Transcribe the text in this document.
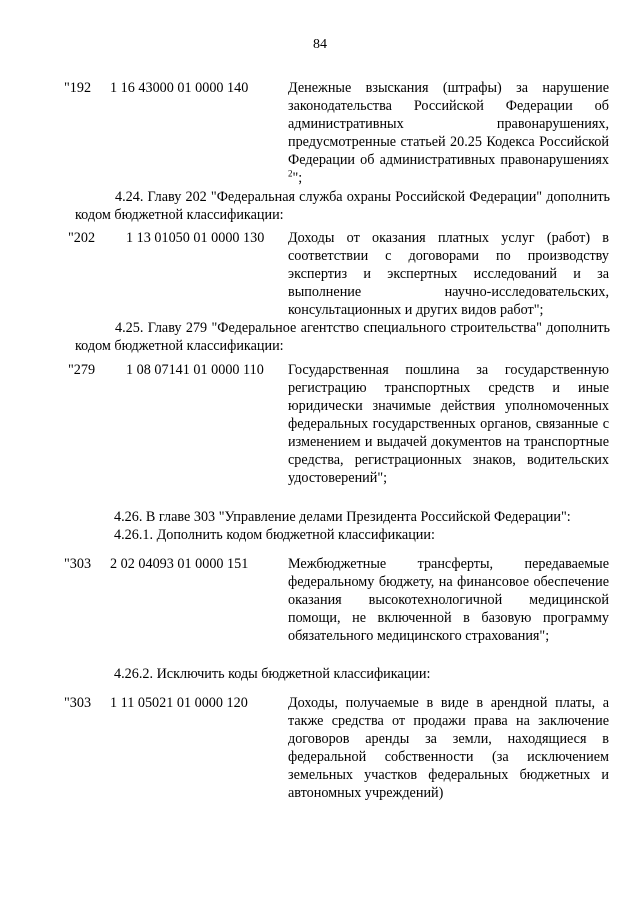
84
"192 1 16 43000 01 0000 140	Денежные взыскания (штрафы) за нарушение законодательства Российской Федерации об административных правонарушениях, предусмотренные статьей 20.25 Кодекса Российской Федерации об административных правонарушениях $^2$";
4.24. Главу 202 "Федеральная служба охраны Российской Федерации" дополнить кодом бюджетной классификации:
"202 1 13 01050 01 0000 130 Доходы от оказания платных услуг (работ) в соответствии с договорами по производству экспертиз и экспертных исследований и за выполнение научно-исследовательских, консультационных и других видов работ";
4.25. Главу 279 "Федеральное агентство специального строительства" дополнить кодом бюджетной классификации:
"279 1 08 07141 01 0000 110 Государственная пошлина за государственную регистрацию транспортных средств и иные юридически значимые действия уполномоченных федеральных государственных органов, связанные с изменением и выдачей документов на транспортные средства, регистрационных знаков, водительских удостоверений";
4.26. В главе 303 "Управление делами Президента Российской Федерации":
4.26.1. Дополнить кодом бюджетной классификации:
"303 2 02 04093 01 0000 151	Межбюджетные трансферты, передаваемые федеральному бюджету, на финансовое обеспечение оказания высокотехнологичной медицинской помощи, не включенной в базовую программу обязательного медицинского страхования";
4.26.2. Исключить коды бюджетной классификации:
"303 1 11 05021 01 0000 120	Доходы, получаемые в виде в арендной платы, а также средства от продажи права на заключение договоров аренды за земли, находящиеся в федеральной собственности (за исключением земельных участков федеральных бюджетных и автономных учреждений)
